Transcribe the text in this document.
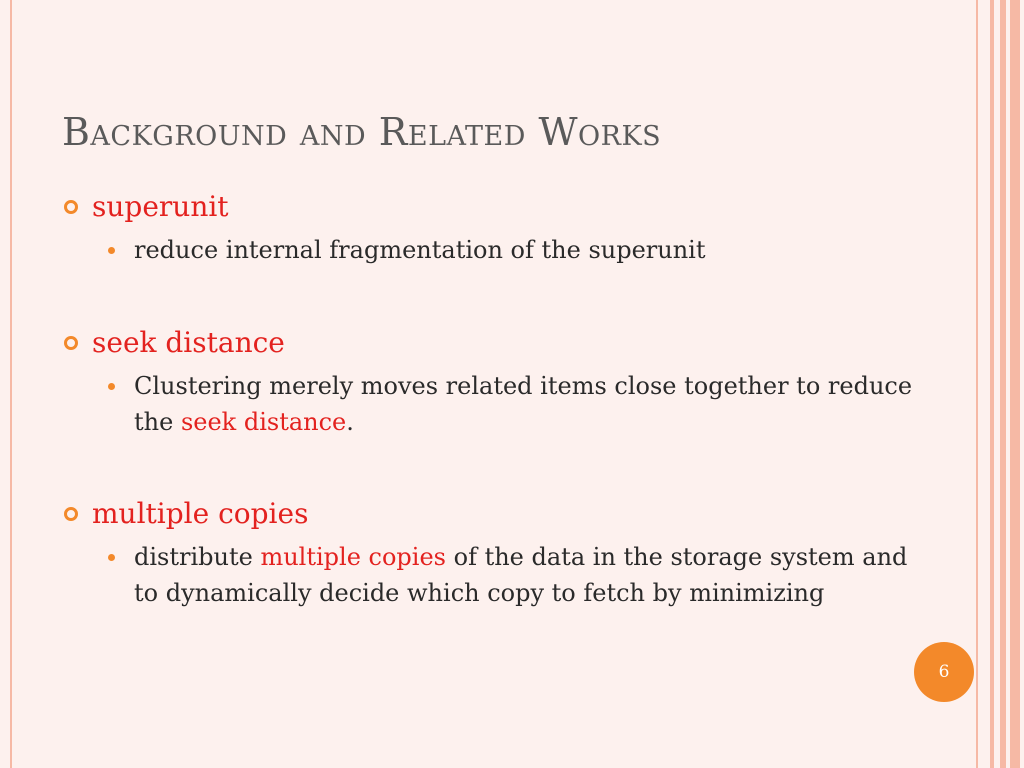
Background and Related Works
superunit
reduce internal fragmentation of the superunit
seek distance
Clustering merely moves related items close together to reduce the seek distance.
multiple copies
distribute multiple copies of the data in the storage system and to dynamically decide which copy to fetch by minimizing
6
